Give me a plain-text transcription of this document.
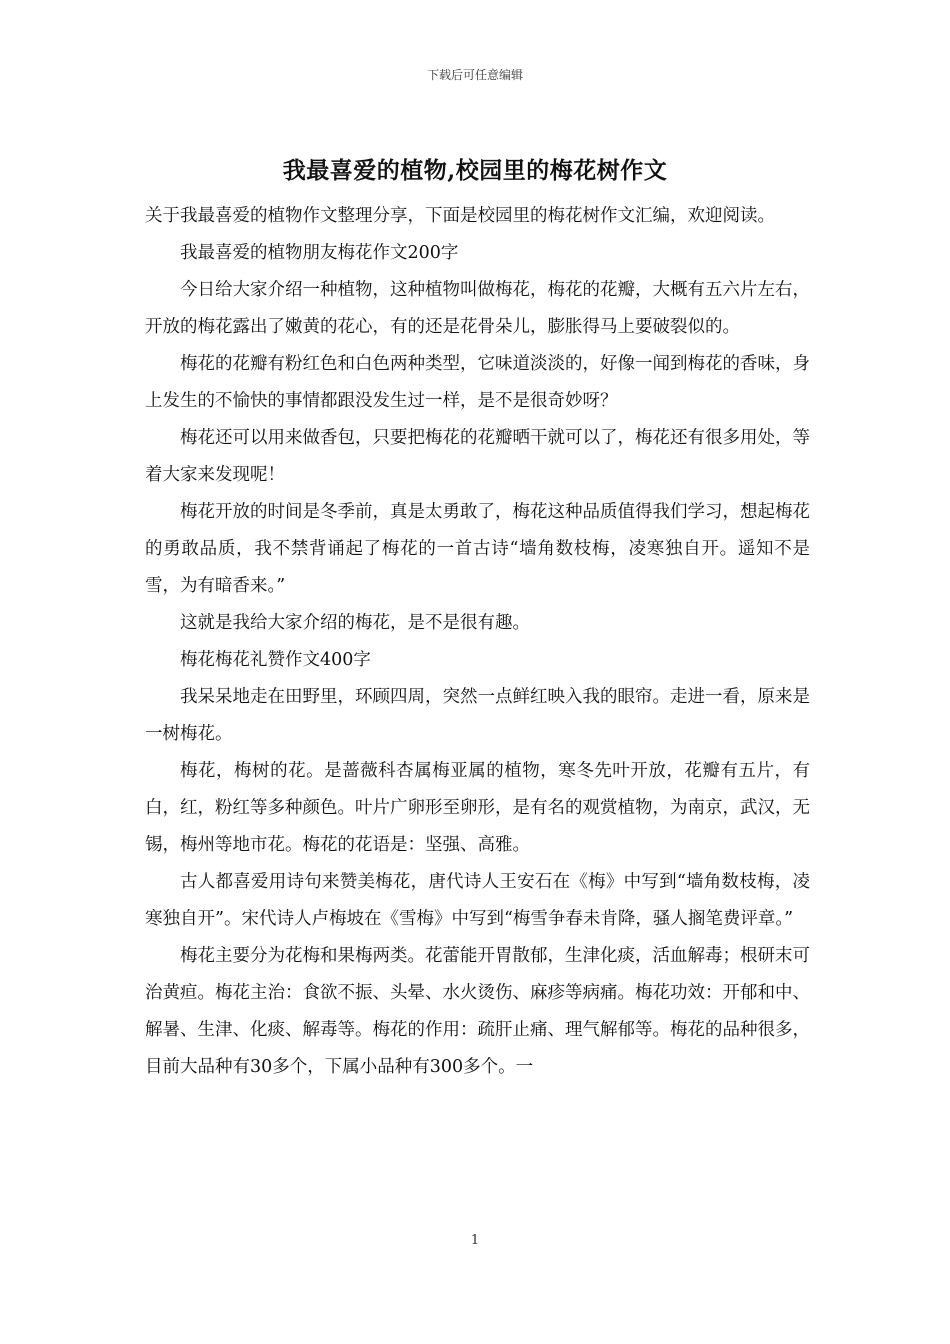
下载后可任意编辑
我最喜爱的植物,校园里的梅花树作文

关于我最喜爱的植物作文整理分享，下面是校园里的梅花树作文汇编，欢迎阅读。

我最喜爱的植物朋友梅花作文200字

今日给大家介绍一种植物，这种植物叫做梅花，梅花的花瓣，大概有五六片左右，开放的梅花露出了嫩黄的花心，有的还是花骨朵儿，膨胀得马上要破裂似的。

梅花的花瓣有粉红色和白色两种类型，它味道淡淡的，好像一闻到梅花的香味，身上发生的不愉快的事情都跟没发生过一样，是不是很奇妙呀？

梅花还可以用来做香包，只要把梅花的花瓣晒干就可以了，梅花还有很多用处，等着大家来发现呢！

梅花开放的时间是冬季前，真是太勇敢了，梅花这种品质值得我们学习，想起梅花的勇敢品质，我不禁背诵起了梅花的一首古诗“墙角数枝梅，凌寒独自开。遥知不是雪，为有暗香来。”

这就是我给大家介绍的梅花，是不是很有趣。

梅花梅花礼赞作文400字

我呆呆地走在田野里，环顾四周，突然一点鲜红映入我的眼帘。走进一看，原来是一树梅花。

梅花，梅树的花。是蔷薇科杏属梅亚属的植物，寒冬先叶开放，花瓣有五片，有白，红，粉红等多种颜色。叶片广卵形至卵形，是有名的观赏植物，为南京，武汉，无锡，梅州等地市花。梅花的花语是：坚强、高雅。

古人都喜爱用诗句来赞美梅花，唐代诗人王安石在《梅》中写到“墙角数枝梅，凌寒独自开”。宋代诗人卢梅坡在《雪梅》中写到“梅雪争春未肯降，骚人搁笔费评章。”

梅花主要分为花梅和果梅两类。花蕾能开胃散郁，生津化痰，活血解毒；根研末可治黄疸。梅花主治：食欲不振、头晕、水火烫伤、麻疹等病痛。梅花功效：开郁和中、解暑、生津、化痰、解毒等。梅花的作用：疏肝止痛、理气解郁等。梅花的品种很多，目前大品种有30多个，下属小品种有300多个。一

1
